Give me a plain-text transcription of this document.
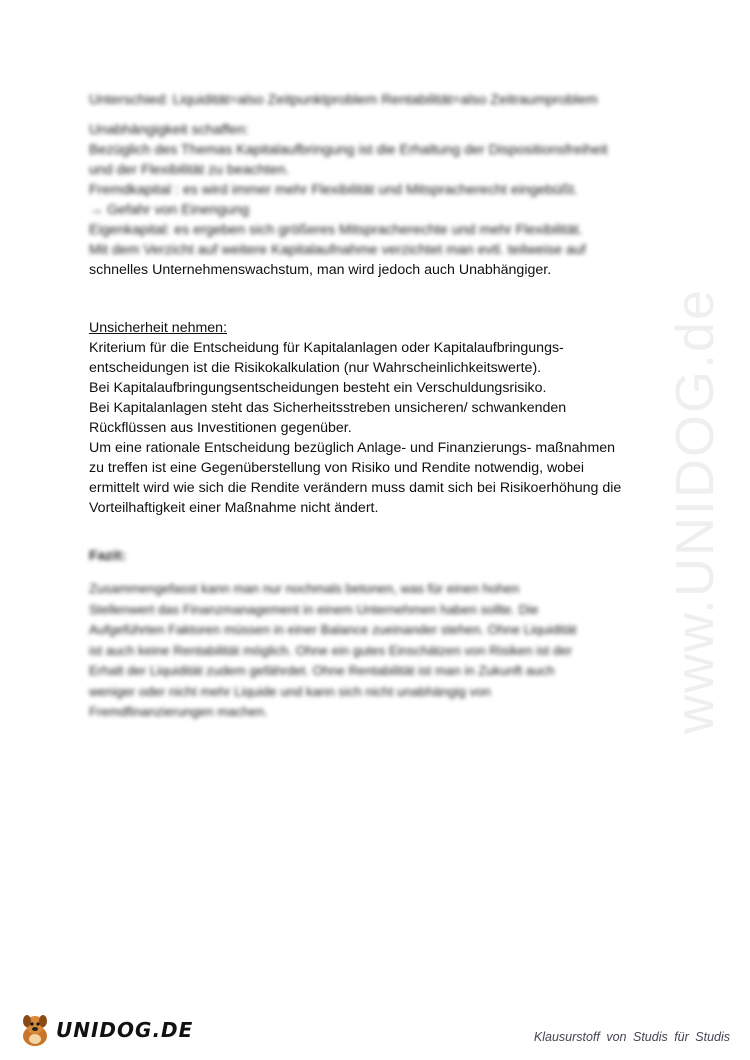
Unterschied: Liquidität=also Zeitpunktproblem Rentabilität=also Zeitraumproblem
Unabhängigkeit schaffen:
Bezüglich des Themas Kapitalaufbringung ist die Erhaltung der Dispositionsfreiheit
und der Flexibilität zu beachten.
Fremdkapital : es wird immer mehr Flexibilität und Mitspracherecht eingebüßt.
→ Gefahr von Einengung
Eigenkapital: es ergeben sich größeres Mitspracherechte und mehr Flexibilität.
Mit dem Verzicht auf weitere Kapitalaufnahme verzichtet man evtl. teilweise auf
schnelles Unternehmenswachstum, man wird jedoch auch Unabhängiger.
Unsicherheit nehmen:
Kriterium für die Entscheidung für Kapitalanlagen oder Kapitalaufbringungs-
entscheidungen ist die Risikokalkulation (nur Wahrscheinlichkeitswerte).
Bei Kapitalaufbringungsentscheidungen besteht ein Verschuldungsrisiko.
Bei Kapitalanlagen steht das Sicherheitsstreben unsicheren/ schwankenden
Rückflüssen aus Investitionen gegenüber.
Um eine rationale Entscheidung bezüglich Anlage- und Finanzierungs- maßnahmen
zu treffen ist eine Gegenüberstellung von Risiko und Rendite notwendig, wobei
ermittelt wird wie sich die Rendite verändern muss damit sich bei Risikoerhöhung die
Vorteilhaftigkeit einer Maßnahme nicht ändert.
Fazit:
Zusammengefasst kann man nur nochmals betonen, was für einen hohen
Stellenwert das Finanzmanagement in einem Unternehmen haben sollte. Die
Aufgeführten Faktoren müssen in einer Balance zueinander stehen. Ohne Liquidität
ist auch keine Rentabilität möglich. Ohne ein gutes Einschätzen von Risiken ist der
Erhalt der Liquidität zudem gefährdet. Ohne Rentabilität ist man in Zukunft auch
weniger oder nicht mehr Liquide und kann sich nicht unabhängig von
Fremdfinanzierungen machen.	www.UNIDOG.de
UNIDOG.DE	Klausurstoff von Studis für Studis
